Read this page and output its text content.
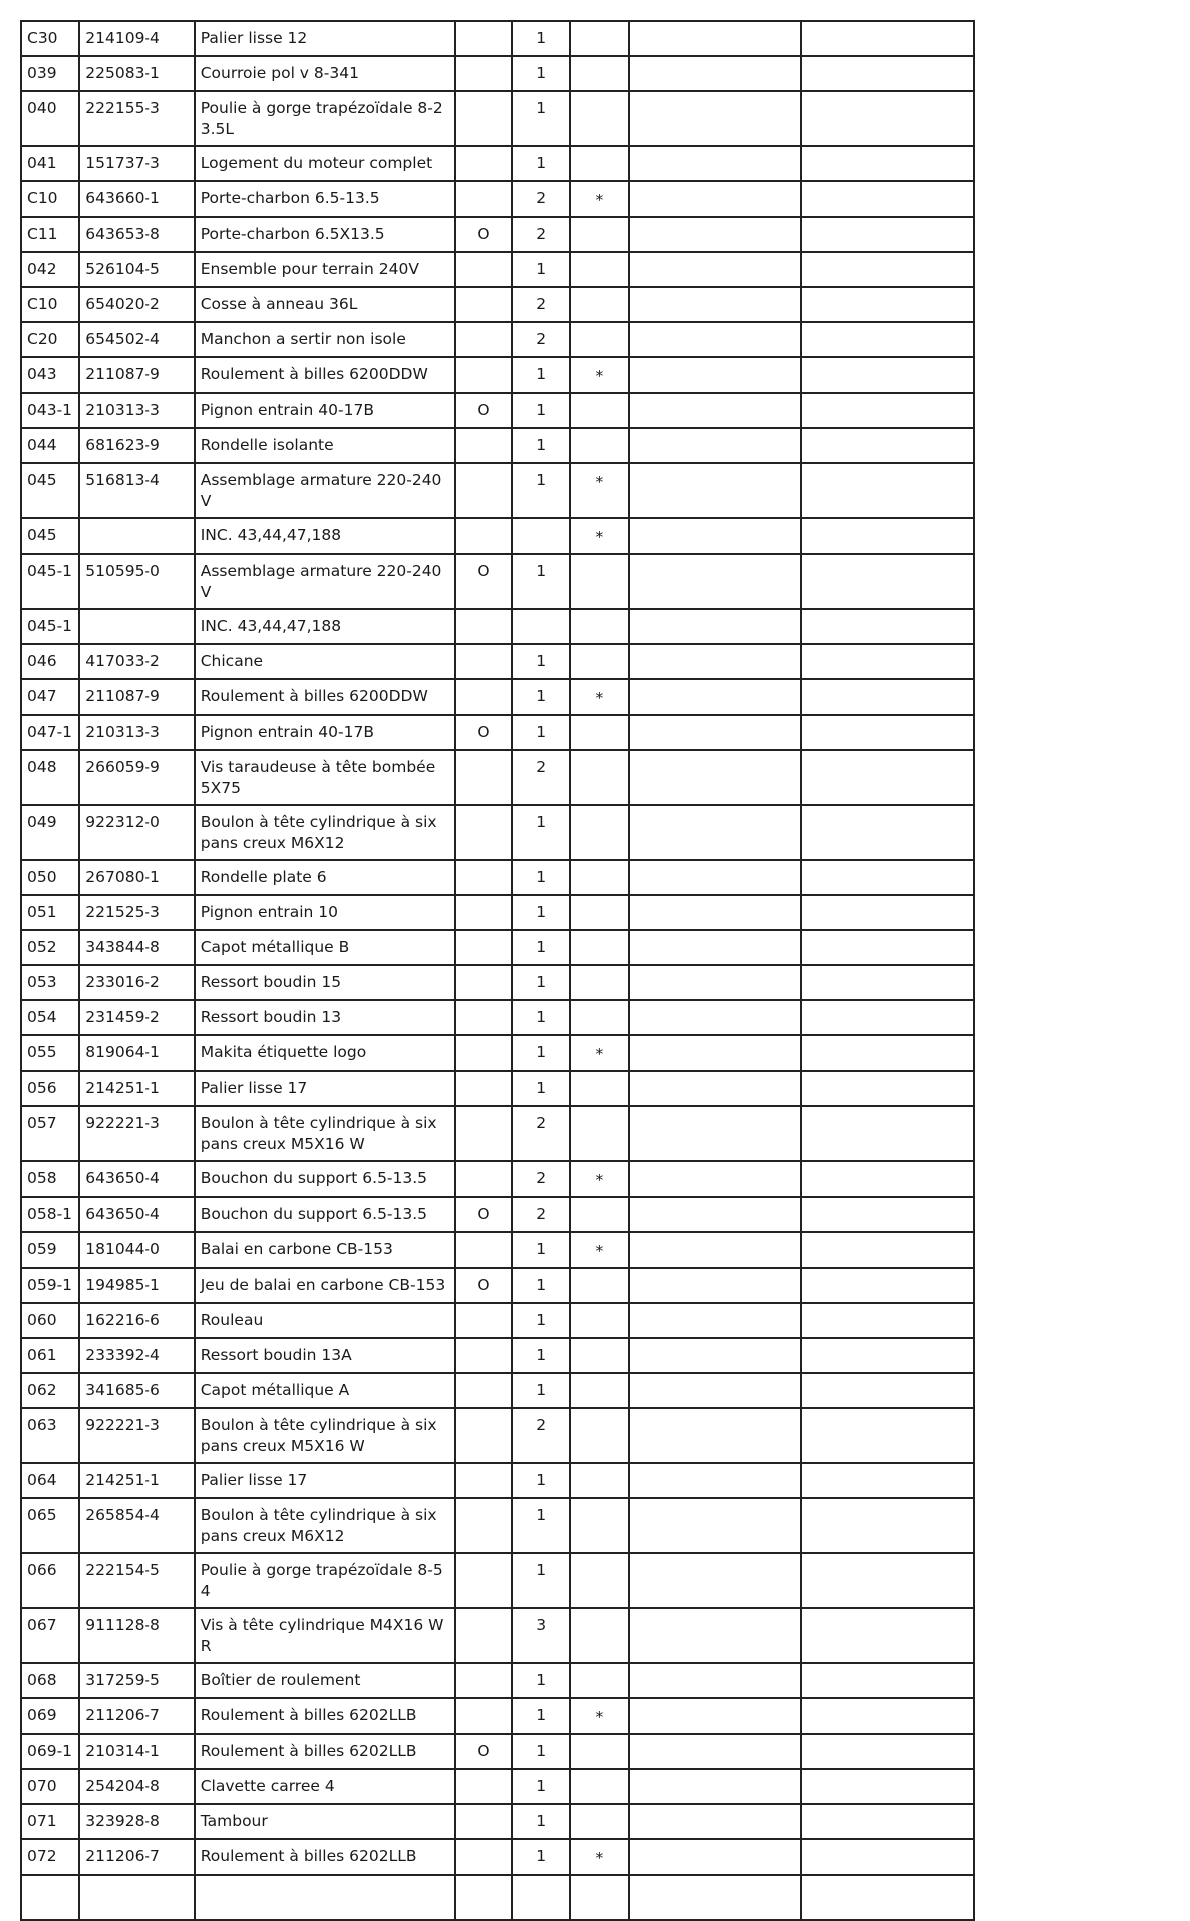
C30	214109-4	Palier lisse 12		1			
039	225083-1	Courroie pol v 8-341		1			
040	222155-3	Poulie à gorge trapézoïdale 8-23.5L		1			
041	151737-3	Logement du moteur complet		1			
C10	643660-1	Porte-charbon 6.5-13.5		2	*		
C11	643653-8	Porte-charbon 6.5X13.5	O	2			
042	526104-5	Ensemble pour terrain 240V		1			
C10	654020-2	Cosse à anneau 36L		2			
C20	654502-4	Manchon a sertir non isole		2			
043	211087-9	Roulement à billes 6200DDW		1	*		
043-1	210313-3	Pignon entrain 40-17B	O	1			
044	681623-9	Rondelle isolante		1			
045	516813-4	Assemblage armature 220-240V		1	*		
045		INC. 43,44,47,188			*		
045-1	510595-0	Assemblage armature 220-240V	O	1			
045-1		INC. 43,44,47,188					
046	417033-2	Chicane		1			
047	211087-9	Roulement à billes 6200DDW		1	*		
047-1	210313-3	Pignon entrain 40-17B	O	1			
048	266059-9	Vis taraudeuse à tête bombée 5X75		2			
049	922312-0	Boulon à tête cylindrique à six pans creux M6X12		1			
050	267080-1	Rondelle plate 6		1			
051	221525-3	Pignon entrain 10		1			
052	343844-8	Capot métallique B		1			
053	233016-2	Ressort boudin 15		1			
054	231459-2	Ressort boudin 13		1			
055	819064-1	Makita étiquette logo		1	*		
056	214251-1	Palier lisse 17		1			
057	922221-3	Boulon à tête cylindrique à six pans creux M5X16 W		2			
058	643650-4	Bouchon du support 6.5-13.5		2	*		
058-1	643650-4	Bouchon du support 6.5-13.5	O	2			
059	181044-0	Balai en carbone CB-153		1	*		
059-1	194985-1	Jeu de balai en carbone CB-153	O	1			
060	162216-6	Rouleau		1			
061	233392-4	Ressort boudin 13A		1			
062	341685-6	Capot métallique A		1			
063	922221-3	Boulon à tête cylindrique à six pans creux M5X16 W		2			
064	214251-1	Palier lisse 17		1			
065	265854-4	Boulon à tête cylindrique à six pans creux M6X12		1			
066	222154-5	Poulie à gorge trapézoïdale 8-54		1			
067	911128-8	Vis à tête cylindrique M4X16 WR		3			
068	317259-5	Boîtier de roulement		1			
069	211206-7	Roulement à billes 6202LLB		1	*		
069-1	210314-1	Roulement à billes 6202LLB	O	1			
070	254204-8	Clavette carree 4		1			
071	323928-8	Tambour		1			
072	211206-7	Roulement à billes 6202LLB		1	*		
